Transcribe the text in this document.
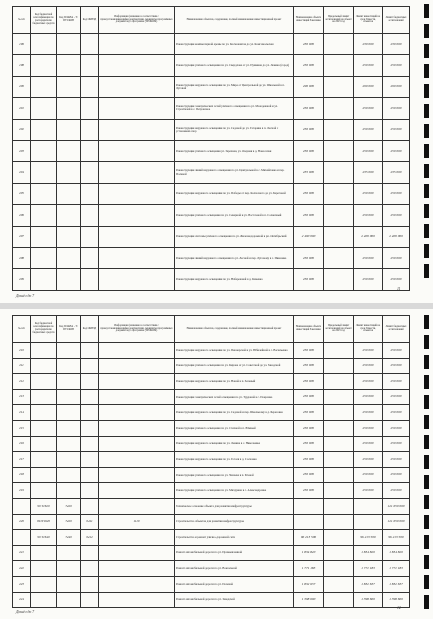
№ п/п	Код бюджетной классификации по распорядителю бюджетных средств	Код ПЛАНА - Т/ПУСКОВ	Код ОКВЭД	Информация (название в соответствии с правоустанавливающими документами, реквизиты программных документов) о программе (ТРОКОМ)	Наименование объектов, содержание, полный наименование инвестиционный проект	Наименование объекта инвестиций Заказчика	Предельный лимит ассигнований на объект на 2023 год	Лимит инвестиций на срок Тяжести, объектов	Лимит бюджетных ассигнований
196					Реконструкция компьютерной арены по ул. Космонавтов до ул. Комсомольская	230 000		230 000	230 000
198					Реконструкция уличного освещения по ул. Свердлова от ул. Пушкина до ул. Ленина (город)	250 000		250 000	250 000
200					Реконструкция наружного освещения по ул. Мира от Центральной до ул. Школьной в п. Луговой	290 000		290 000	290 000
201					Реконструкция электрических сетей уличного освещения по ул. Молодежной и ул. Строителей в с. Петровское	250 000		250 000	250 000
202					Реконструкция наружного освещения по ул. Садовой до ул. Гагарина в п. Лесной с установкой опор	250 000		250 000	250 000
203					Реконструкция уличного освещения ул. Заречная, ул. Озерная в д. Новоселки	250 000		250 000	250 000
204					Реконструкция линий наружного освещения по ул. Центральной в с. Михайловка и пер. Полевой	235 000		235 000	235 000
205					Реконструкция наружного освещения по ул. Победы от пер. Колхозного до ул. Береговой	250 000		250 000	250 000
206					Реконструкция уличного освещения по ул. Северной и ул. Восточной в п. Солнечный	250 000		250 000	250 000
207					Реконструкция системы уличного освещения по ул. Железнодорожной в рп. Октябрьский	2 400 000		2 400 000	2 400 000
208					Реконструкция линий наружного освещения по ул. Лесной и пер. Луговому в с. Ивановка	250 000		250 000	250 000
209					Реконструкция наружного освещения по ул. Набережной в д. Каменка	250 000		250 000	250 000
Дошёл до 7
11
№ п/п	Код бюджетной классификации по распорядителю бюджетных средств	Код ПЛАНА - Т/ПУСКОВ	Код ОКВЭД	Информация (название в соответствии с правоустанавливающими документами, реквизиты программных документов) о программе (ТРОКОМ)	Наименование объектов, содержание, полный наименование инвестиционный проект	Наименование объекта инвестиций Заказчика	Предельный лимит ассигнований на объект на 2023 год	Лимит инвестиций на срок Тяжести, объектов	Лимит бюджетных ассигнований
210					Реконструкция наружного освещения по ул. Пионерской и ул. Юбилейной в с. Васильевка	250 000		250 000	250 000
211					Реконструкция уличного освещения по ул. Кирова от ул. Советской до ул. Заводской	250 000		250 000	250 000
212					Реконструкция наружного освещения по ул. Новой в п. Зеленый	250 000		250 000	250 000
213					Реконструкция электрических сетей освещения по ул. Трудовой в с. Покровка	250 000		250 000	250 000
214					Реконструкция наружного освещения по ул. Садовой и пер. Школьному в д. Березовка	250 000		250 000	250 000
215					Реконструкция уличного освещения по ул. Степной в п. Южный	250 000		250 000	250 000
216					Реконструкция наружного освещения по ул. Ленина в с. Николаевка	250 000		250 000	250 000
217					Реконструкция наружного освещения по ул. Гоголя в д. Сосновка	250 000		250 000	250 000
218					Реконструкция уличного освещения по ул. Чапаева в п. Речной	250 000		250 000	250 000
219					Реконструкция уличного освещения по ул. Мичурина в с. Александровка	250 000		250 000	250 000
	99 Т1620	7420			Техническое освоение объекта для развития инфраструктуры				121 650 000
220	991Т1620	7420	0411	1110	Строительство объектов для развития инфраструктуры				121 650 000
	99 Т1640	7440	0412		Строительство и ремонт улично-дорожной сети	96 213 500		96 213 500	96 213 500
221					Ремонт автомобильной дороги по ул. Промышленной	1 834 820		1 834 820	1 834 820
222					Ремонт автомобильной дороги по ул. Вокзальной	1 771 183		1 771 183	1 771 183
223					Ремонт автомобильной дороги по ул. Полевой	1 832 637		1 832 637	1 832 637
224					Ремонт автомобильной дороги по ул. Заводской	1 398 600		1 398 600	1 398 600
Дошёл до 7
12
